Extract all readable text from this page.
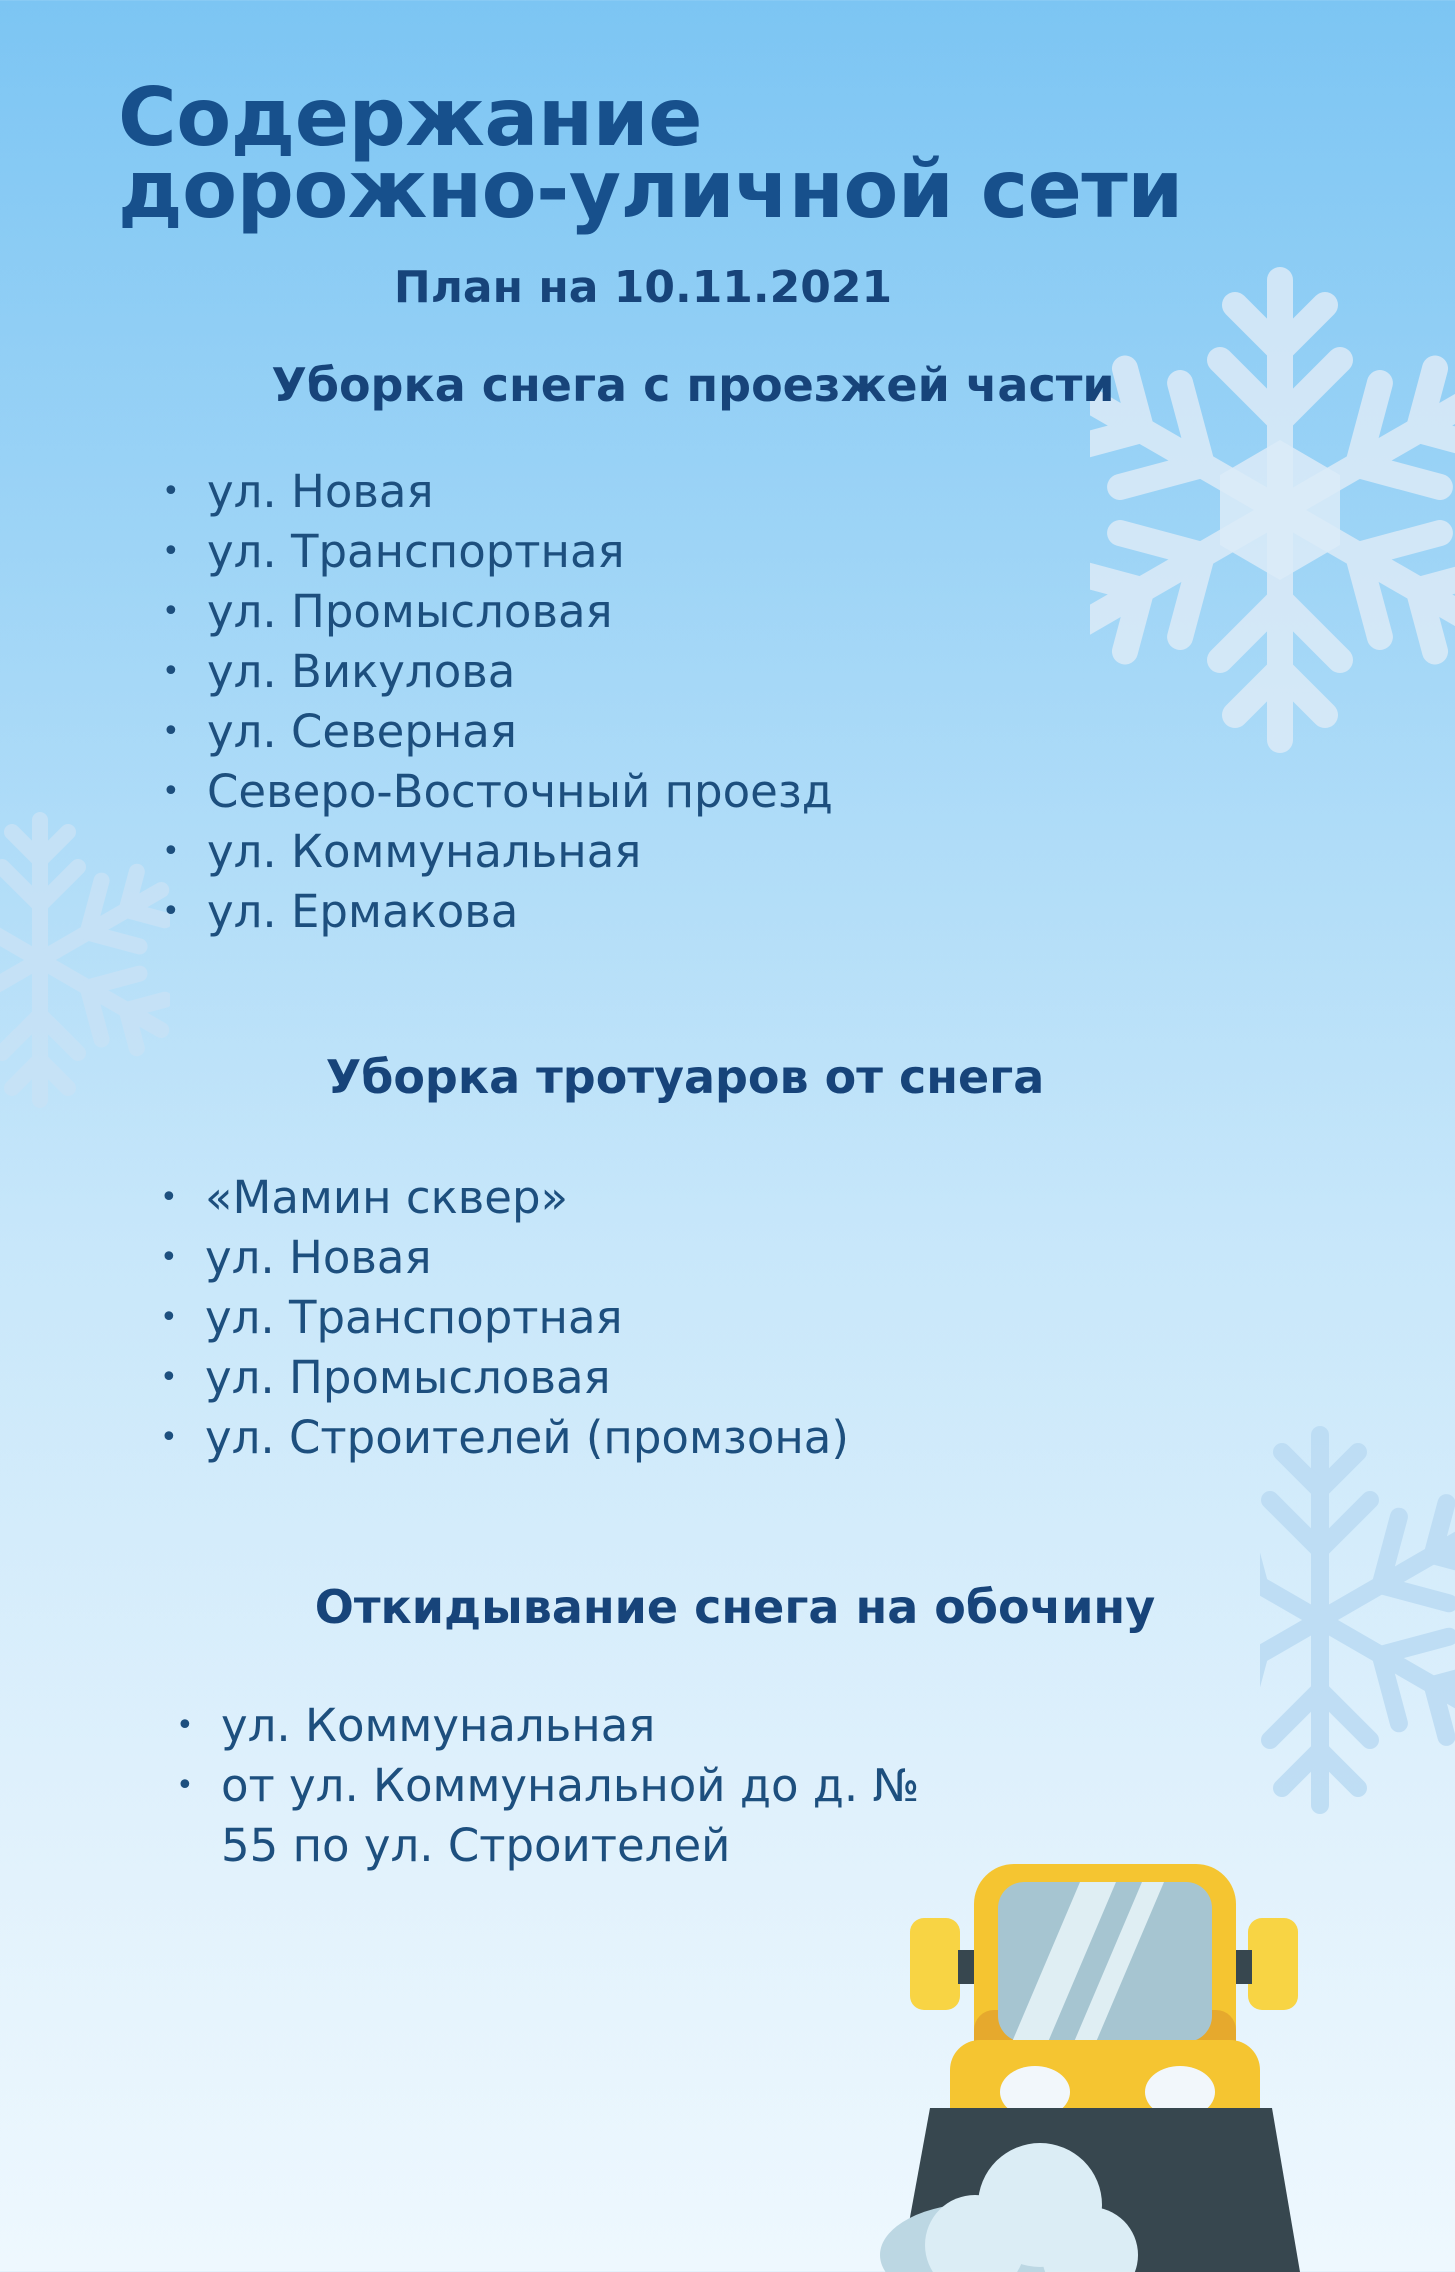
Содержание
дорожно-уличной сети
План на 10.11.2021
Уборка снега с проезжей части
• ул. Новая
• ул. Транспортная
• ул. Промысловая
• ул. Викулова
• ул. Северная
• Северо-Восточный проезд
• ул. Коммунальная
• ул. Ермакова
Уборка тротуаров от снега
• «Мамин сквер»
• ул. Новая
• ул. Транспортная
• ул. Промысловая
• ул. Строителей (промзона)
Откидывание снега на обочину
• ул. Коммунальная
• от ул. Коммунальной до д. № 55 по ул. Строителей
